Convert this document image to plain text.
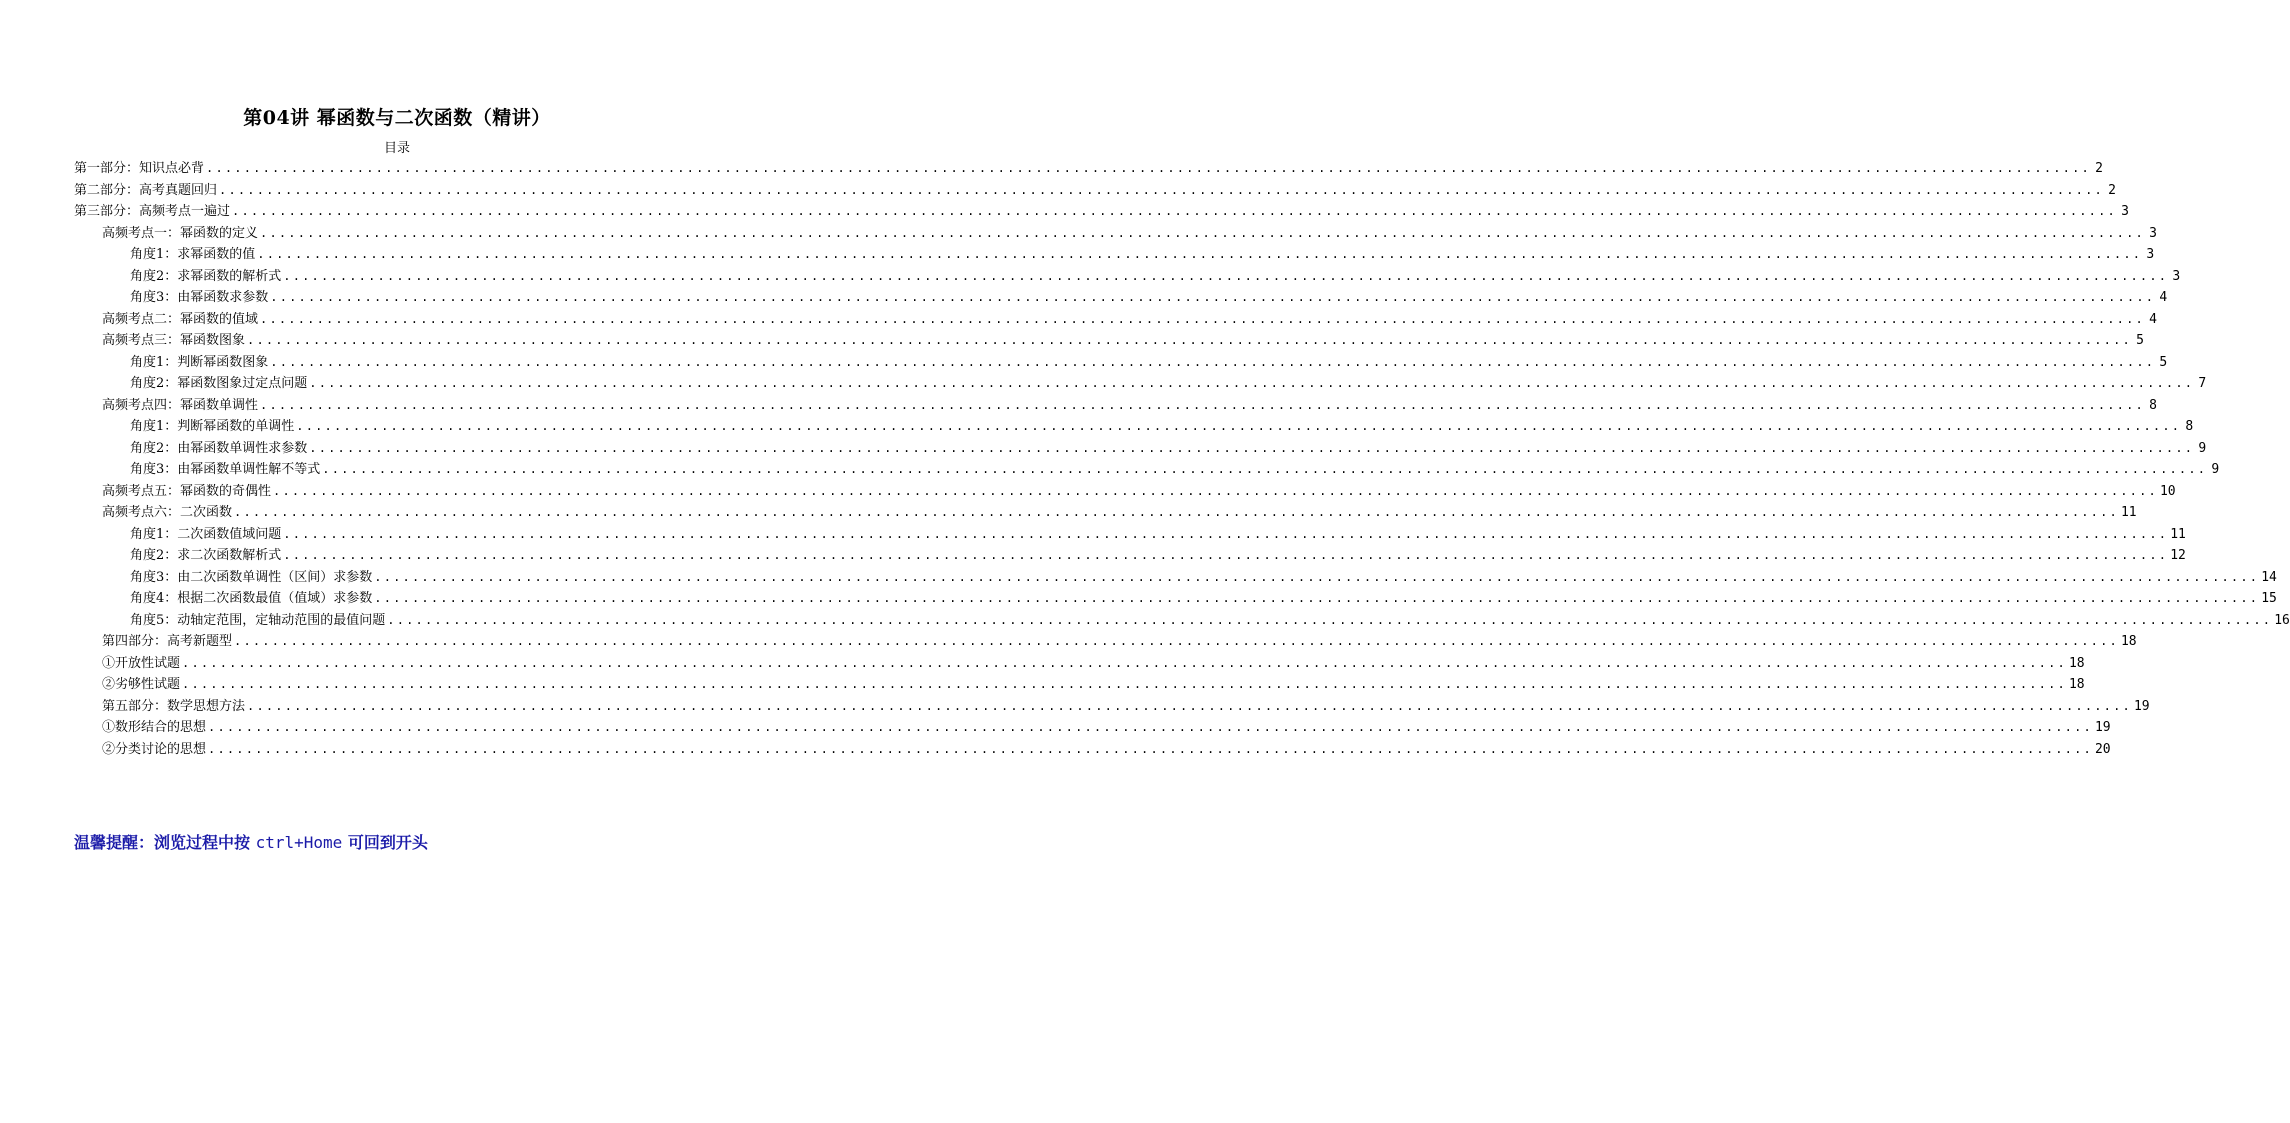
第04讲 幂函数与二次函数（精讲）
目录
第一部分：知识点必背 ........................................................................................................................................................................................................ 2
第二部分：高考真题回归 ........................................................................................................................................................................................................ 2
第三部分：高频考点一遍过 ........................................................................................................................................................................................................ 3
高频考点一：幂函数的定义 ........................................................................................................................................................................................................ 3
角度1：求幂函数的值 ........................................................................................................................................................................................................ 3
角度2：求幂函数的解析式 ........................................................................................................................................................................................................ 3
角度3：由幂函数求参数 ........................................................................................................................................................................................................ 4
高频考点二：幂函数的值域 ........................................................................................................................................................................................................ 4
高频考点三：幂函数图象 ........................................................................................................................................................................................................ 5
角度1：判断幂函数图象 ........................................................................................................................................................................................................ 5
角度2：幂函数图象过定点问题 ........................................................................................................................................................................................................ 7
高频考点四：幂函数单调性 ........................................................................................................................................................................................................ 8
角度1：判断幂函数的单调性 ........................................................................................................................................................................................................ 8
角度2：由幂函数单调性求参数 ........................................................................................................................................................................................................ 9
角度3：由幂函数单调性解不等式 ........................................................................................................................................................................................................ 9
高频考点五：幂函数的奇偶性 ........................................................................................................................................................................................................ 10
高频考点六：二次函数 ........................................................................................................................................................................................................ 11
角度1：二次函数值域问题 ........................................................................................................................................................................................................ 11
角度2：求二次函数解析式 ........................................................................................................................................................................................................ 12
角度3：由二次函数单调性（区间）求参数 ........................................................................................................................................................................................................ 14
角度4：根据二次函数最值（值域）求参数 ........................................................................................................................................................................................................ 15
角度5：动轴定范围，定轴动范围的最值问题 ........................................................................................................................................................................................................ 16
第四部分：高考新题型 ........................................................................................................................................................................................................ 18
①开放性试题 ........................................................................................................................................................................................................ 18
②劣够性试题 ........................................................................................................................................................................................................ 18
第五部分：数学思想方法 ........................................................................................................................................................................................................ 19
①数形结合的思想 ........................................................................................................................................................................................................ 19
②分类讨论的思想 ........................................................................................................................................................................................................ 20
温馨提醒：浏览过程中按 ctrl+Home 可回到开头
